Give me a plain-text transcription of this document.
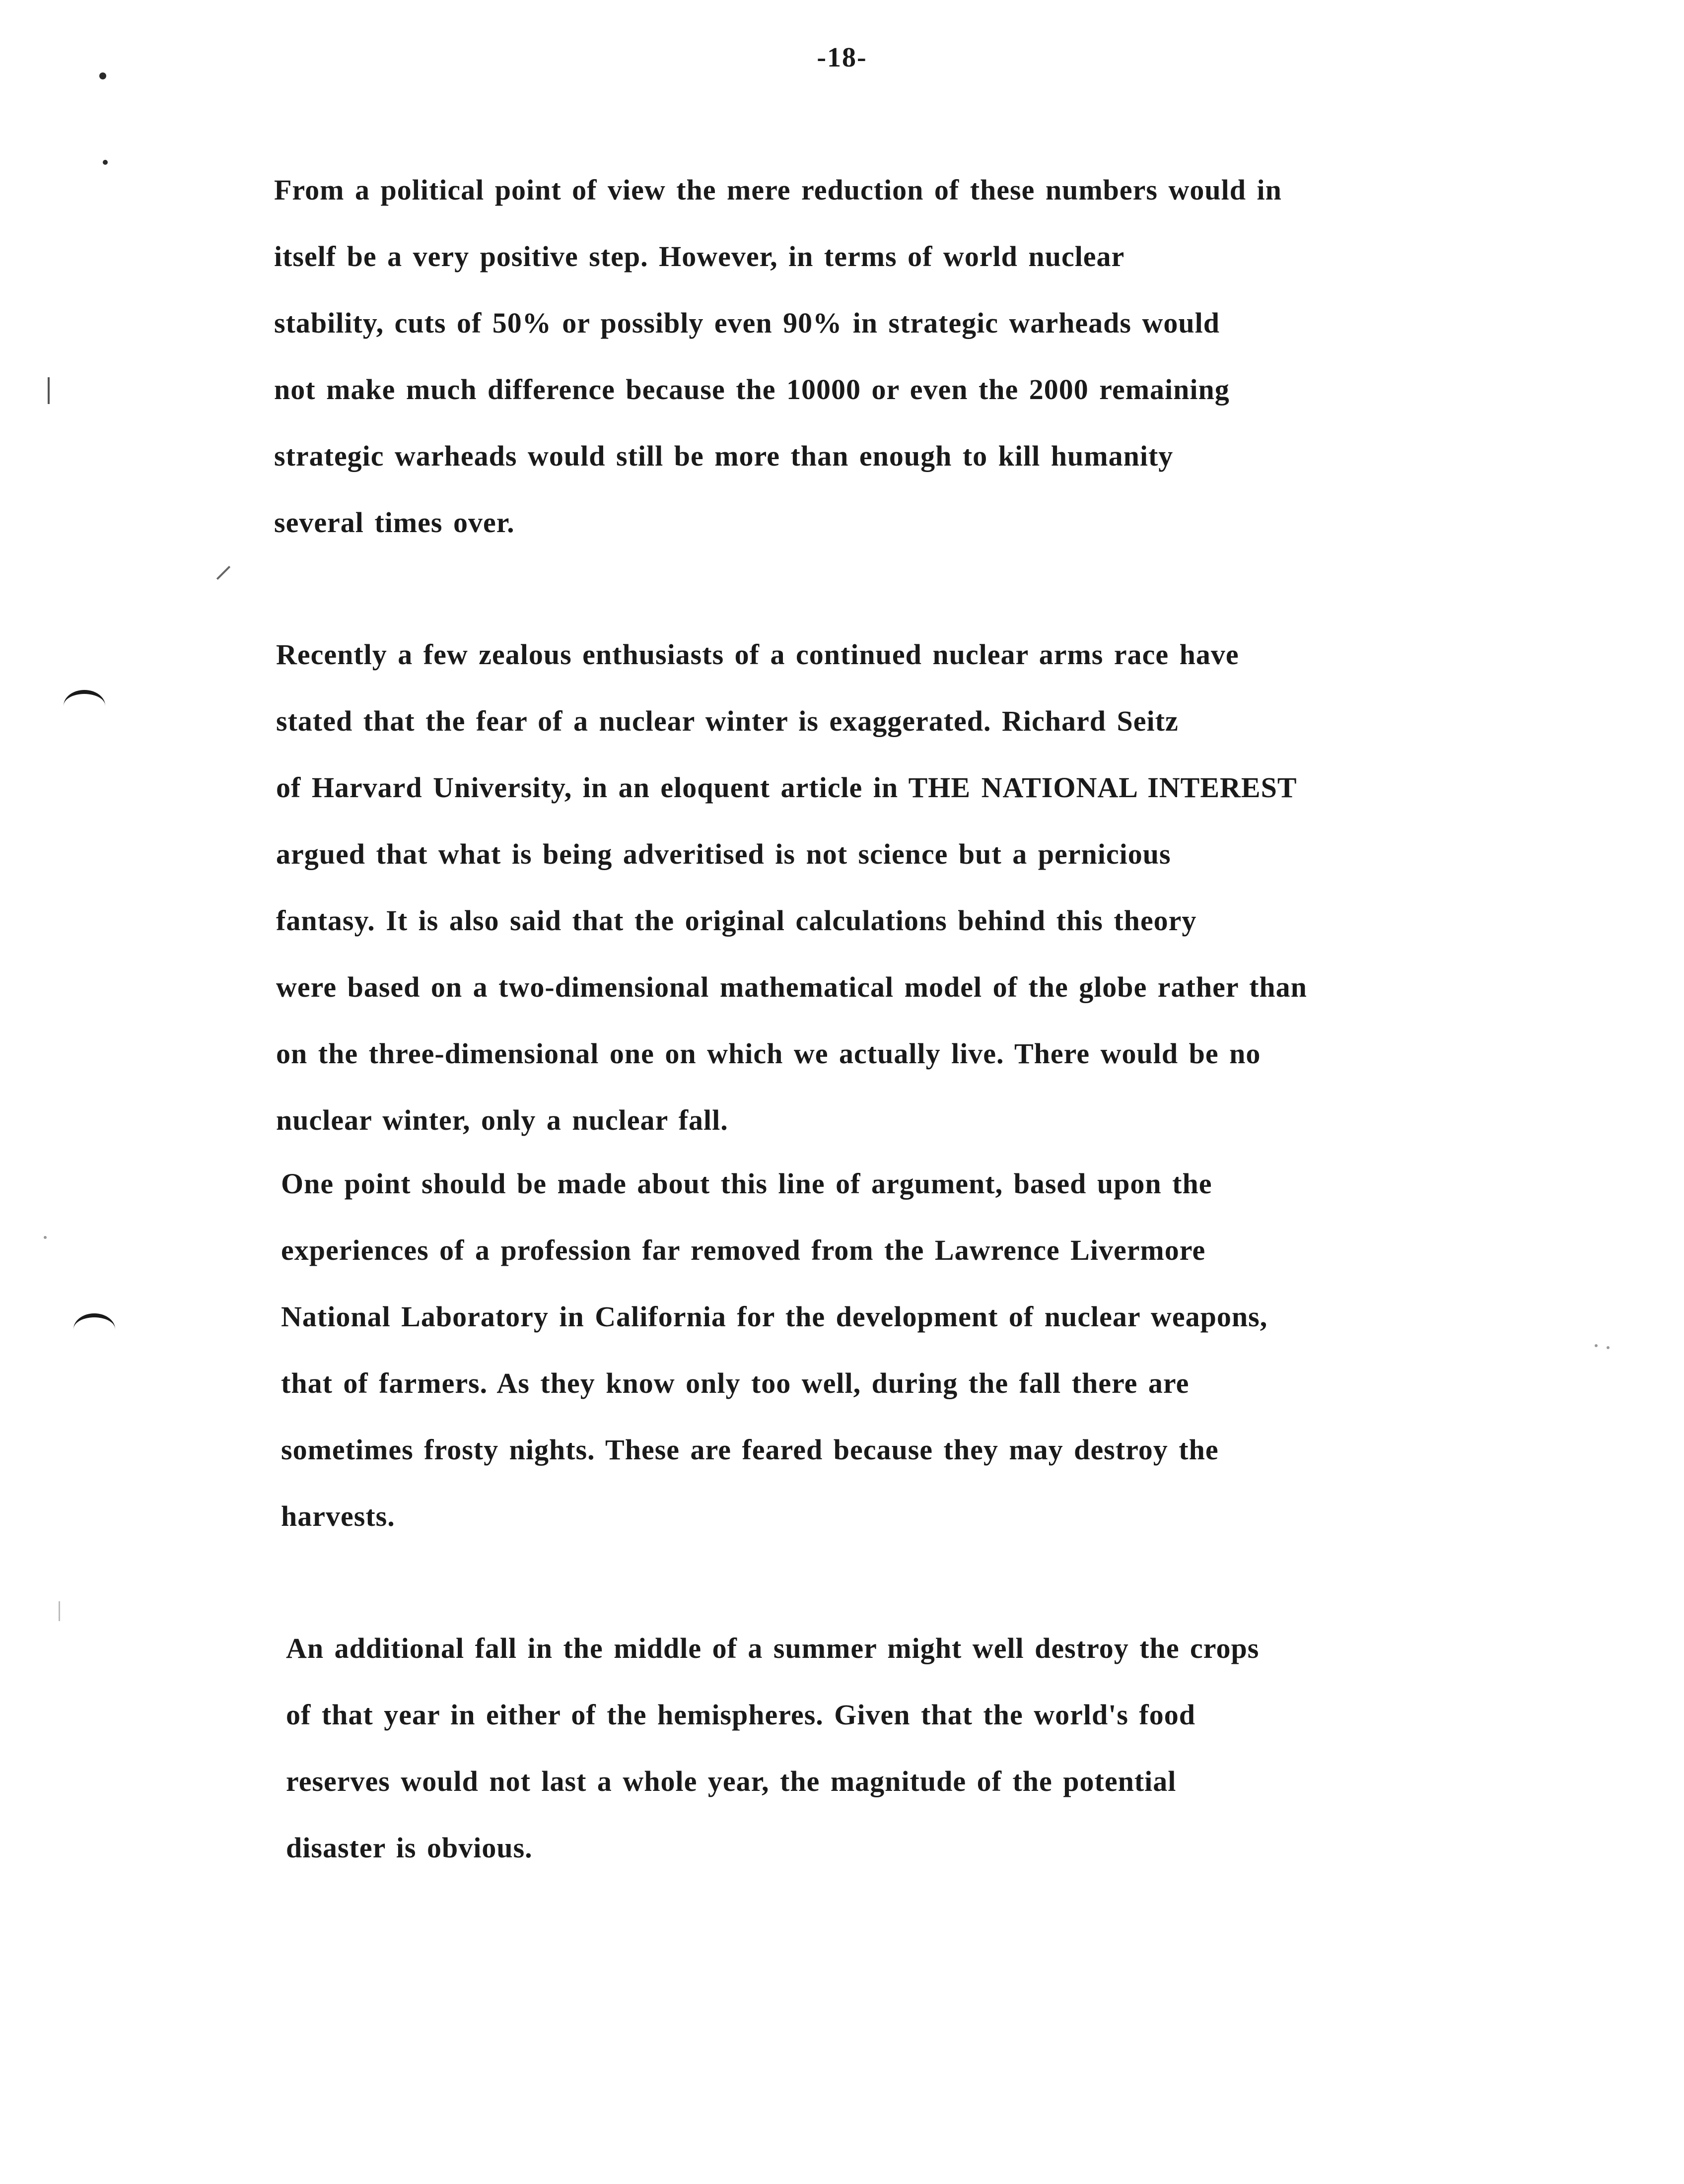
-18-
From a political point of view the mere reduction of these numbers would in
itself be a very positive step. However, in terms of world nuclear
stability, cuts of 50% or possibly even 90% in strategic warheads would
not make much difference because the 10000 or even the 2000 remaining
strategic warheads would still be more than enough to kill humanity
several times over.
Recently a few zealous enthusiasts of a continued nuclear arms race have
stated that the fear of a nuclear winter is exaggerated. Richard Seitz
of Harvard University, in an eloquent article in THE NATIONAL INTEREST
argued that what is being adveritised is not science but a pernicious
fantasy. It is also said that the original calculations behind this theory
were based on a two-dimensional mathematical model of the globe rather than
on the three-dimensional one on which we actually live. There would be no
nuclear winter, only a nuclear fall.
One point should be made about this line of argument, based upon the
experiences of a profession far removed from the Lawrence Livermore
National Laboratory in California for the development of nuclear weapons,
that of farmers. As they know only too well, during the fall there are
sometimes frosty nights. These are feared because they may destroy the
harvests.
An additional fall in the middle of a summer might well destroy the crops
of that year in either of the hemispheres. Given that the world's food
reserves would not last a whole year, the magnitude of the potential
disaster is obvious.
